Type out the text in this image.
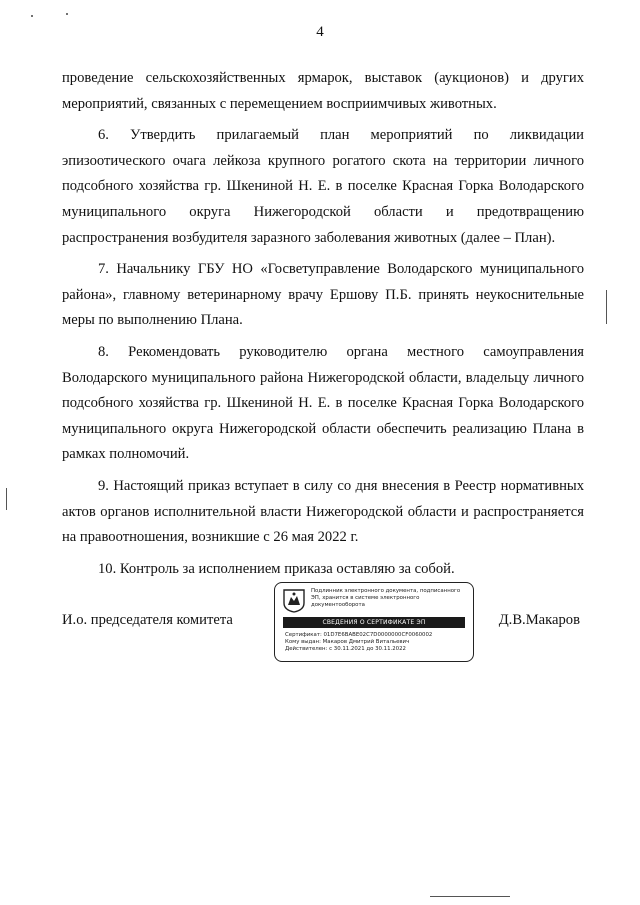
4

проведение сельскохозяйственных ярмарок, выставок (аукционов) и других мероприятий, связанных с перемещением восприимчивых животных.

6. Утвердить прилагаемый план мероприятий по ликвидации эпизоотического очага лейкоза крупного рогатого скота на территории личного подсобного хозяйства гр. Шкениной Н. Е. в поселке Красная Горка Володарского муниципального округа Нижегородской области и предотвращению распространения возбудителя заразного заболевания животных (далее – План).

7. Начальнику ГБУ НО «Госветуправление Володарского муниципального района», главному ветеринарному врачу Ершову П.Б. принять неукоснительные меры по выполнению Плана.

8. Рекомендовать руководителю органа местного самоуправления Володарского муниципального района Нижегородской области, владельцу личного подсобного хозяйства гр. Шкениной Н. Е. в поселке Красная Горка Володарского муниципального округа Нижегородской области обеспечить реализацию Плана в рамках полномочий.

9. Настоящий приказ вступает в силу со дня внесения в Реестр нормативных актов органов исполнительной власти Нижегородской области и распространяется на правоотношения, возникшие с 26 мая 2022 г.

10. Контроль за исполнением приказа оставляю за собой.

И.о. председателя комитета
Подлинник электронного документа, подписанного ЭП, хранится в системе электронного документооборота
СВЕДЕНИЯ О СЕРТИФИКАТЕ ЭП
Сертификат: 01D7E6BABE02C7D0000000CF0060002
Кому выдан: Макаров Дмитрий Витальевич
Действителен: с 30.11.2021 до 30.11.2022
Д.В.Макаров
